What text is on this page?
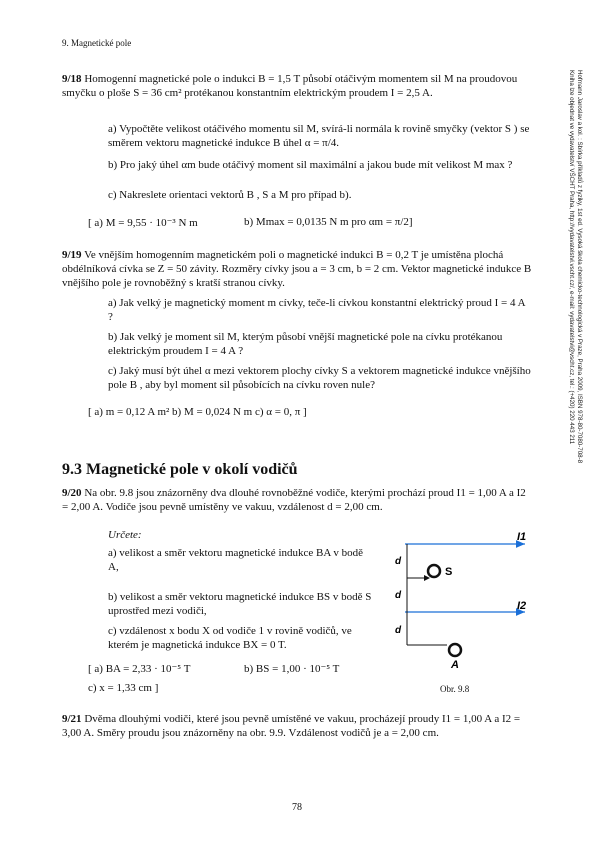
9. Magnetické pole
Hofmann Jaroslav a kol. : Sbírka příkladů z fyziky, 1st ed. Vysoká škola chemicko-technologická v Praze, Praha 2009, ISBN 978-80-7080-708-8
Kniha lze objednat ve vydavatelství VŠCHT Praha, http://vydavatelstvi.vscht.cz/, e-mail: vydavatelstvi@vscht.cz, tel.: (+420) 220 443 211
9/18 Homogenní magnetické pole o indukci B = 1,5 T působí otáčivým momentem sil M na proudovou smyčku o ploše S = 36 cm² protékanou konstantním elektrickým proudem I = 2,5 A.
a) Vypočtěte velikost otáčivého momentu sil M, svírá-li normála k rovině smyčky (vektor S ) se směrem vektoru magnetické indukce B úhel α = π/4.
b) Pro jaký úhel αm bude otáčivý moment sil maximální a jakou bude mít velikost M max ?
c) Nakreslete orientaci vektorů B , S a M pro případ b).
[ a) M = 9,55 · 10⁻³ N m	b) Mmax = 0,0135 N m pro αm = π/2]
9/19 Ve vnějším homogenním magnetickém poli o magnetické indukci B = 0,2 T je umístěna plochá obdélníková cívka se Z = 50 závity. Rozměry cívky jsou a = 3 cm, b = 2 cm. Vektor magnetické indukce B vnějšího pole je rovnoběžný s kratší stranou cívky.
a) Jak velký je magnetický moment m cívky, teče-li cívkou konstantní elektrický proud I = 4 A ?
b) Jak velký je moment sil M, kterým působí vnější magnetické pole na cívku protékanou elektrickým proudem I = 4 A ?
c) Jaký musí být úhel α mezi vektorem plochy cívky S a vektorem magnetické indukce vnějšího pole B , aby byl moment sil působících na cívku roven nule?
[ a) m = 0,12 A m² b) M = 0,024 N m c) α = 0, π ]
9.3 Magnetické pole v okolí vodičů
9/20 Na obr. 9.8 jsou znázorněny dva dlouhé rovnoběžné vodiče, kterými prochází proud I1 = 1,00 A a I2 = 2,00 A. Vodiče jsou pevně umístěny ve vakuu, vzdálenost d = 2,00 cm.
Určete:
a) velikost a směr vektoru magnetické indukce BA v bodě A,
b) velikost a směr vektoru magnetické indukce BS v bodě S uprostřed mezi vodiči,
c) vzdálenost x bodu X od vodiče 1 v rovině vodičů, ve kterém je magnetická indukce BX = 0 T.
[ a) BA = 2,33 · 10⁻⁵ T	b) BS = 1,00 · 10⁻⁵ T
c) x = 1,33 cm ]
d
d
d
I1
I2
S
A
Obr. 9.8
9/21 Dvěma dlouhými vodiči, které jsou pevně umístěné ve vakuu, procházejí proudy I1 = 1,00 A a I2 = 3,00 A. Směry proudu jsou znázorněny na obr. 9.9. Vzdálenost vodičů je a = 2,00 cm.
78
